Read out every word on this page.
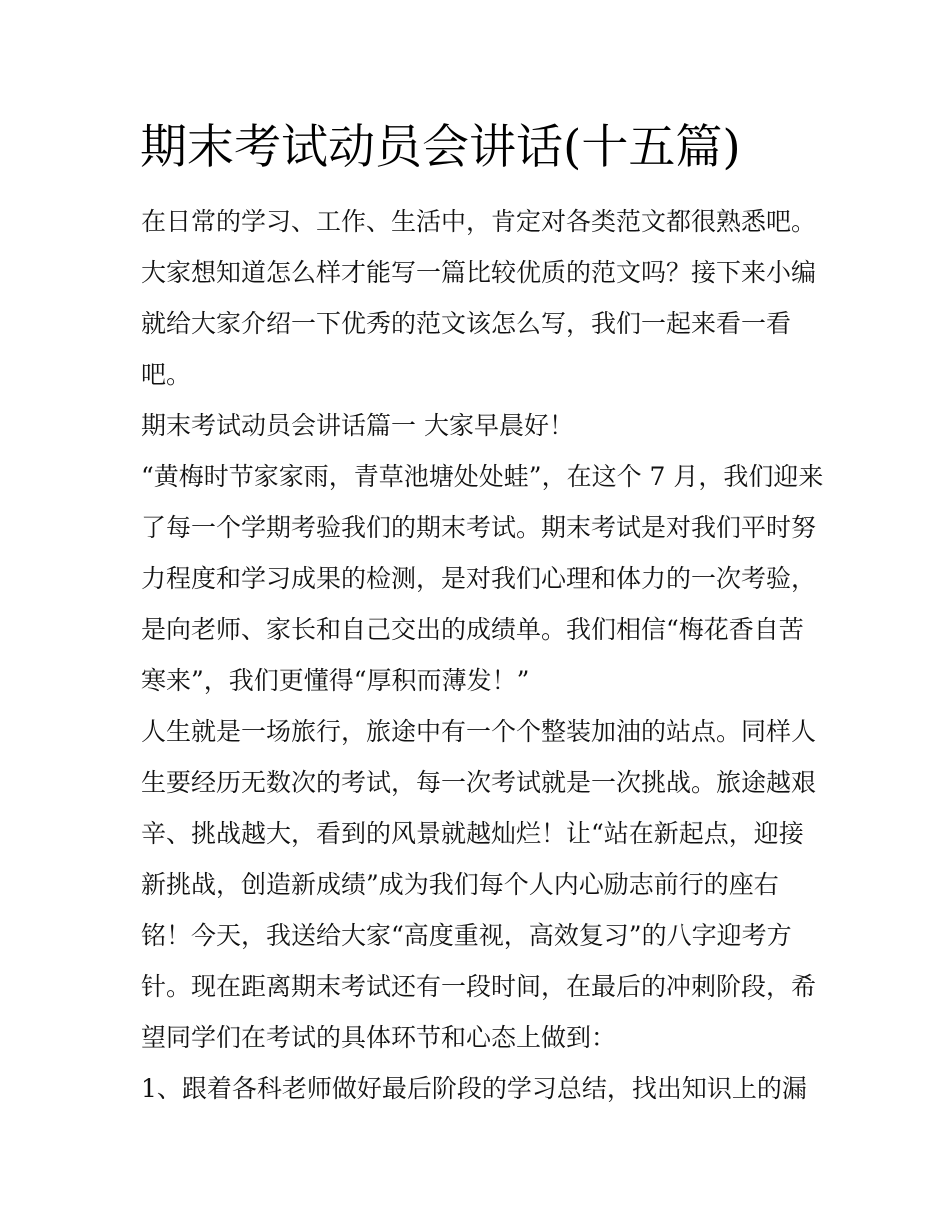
期末考试动员会讲话(十五篇)
在日常的学习、工作、生活中，肯定对各类范文都很熟悉吧。
大家想知道怎么样才能写一篇比较优质的范文吗？接下来小编
就给大家介绍一下优秀的范文该怎么写，我们一起来看一看
吧。
期末考试动员会讲话篇一 大家早晨好！
“黄梅时节家家雨，青草池塘处处蛙”，在这个 7 月，我们迎来
了每一个学期考验我们的期末考试。期末考试是对我们平时努
力程度和学习成果的检测，是对我们心理和体力的一次考验，
是向老师、家长和自己交出的成绩单。我们相信“梅花香自苦
寒来”，我们更懂得“厚积而薄发！”
人生就是一场旅行，旅途中有一个个整装加油的站点。同样人
生要经历无数次的考试，每一次考试就是一次挑战。旅途越艰
辛、挑战越大，看到的风景就越灿烂！让“站在新起点，迎接
新挑战，创造新成绩”成为我们每个人内心励志前行的座右
铭！今天，我送给大家“高度重视，高效复习”的八字迎考方
针。现在距离期末考试还有一段时间，在最后的冲刺阶段，希
望同学们在考试的具体环节和心态上做到：
1、跟着各科老师做好最后阶段的学习总结，找出知识上的漏
